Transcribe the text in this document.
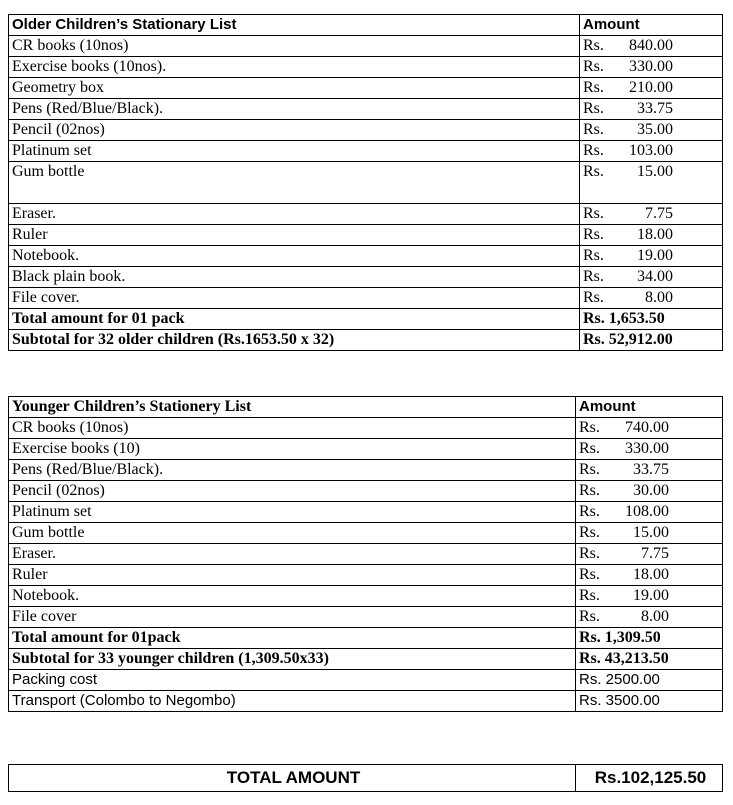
Older Children’s Stationary List	Amount
CR books (10nos)	Rs. 840.00
Exercise books (10nos).	Rs. 330.00
Geometry box	Rs. 210.00
Pens (Red/Blue/Black).	Rs. 33.75
Pencil (02nos)	Rs. 35.00
Platinum set	Rs. 103.00
Gum bottle	Rs. 15.00
Eraser.	Rs. 7.75
Ruler	Rs. 18.00
Notebook.	Rs. 19.00
Black plain book.	Rs. 34.00
File cover.	Rs. 8.00
Total amount for 01 pack	Rs. 1,653.50
Subtotal for 32 older children (Rs.1653.50 x 32)	Rs. 52,912.00
Younger Children’s Stationery List	Amount
CR books (10nos)	Rs. 740.00
Exercise books (10)	Rs. 330.00
Pens (Red/Blue/Black).	Rs. 33.75
Pencil (02nos)	Rs. 30.00
Platinum set	Rs. 108.00
Gum bottle	Rs. 15.00
Eraser.	Rs. 7.75
Ruler	Rs. 18.00
Notebook.	Rs. 19.00
File cover	Rs. 8.00
Total amount for 01pack	Rs. 1,309.50
Subtotal for 33 younger children (1,309.50x33)	Rs. 43,213.50
Packing cost	Rs. 2500.00
Transport (Colombo to Negombo)	Rs. 3500.00
TOTAL AMOUNT	Rs.102,125.50
